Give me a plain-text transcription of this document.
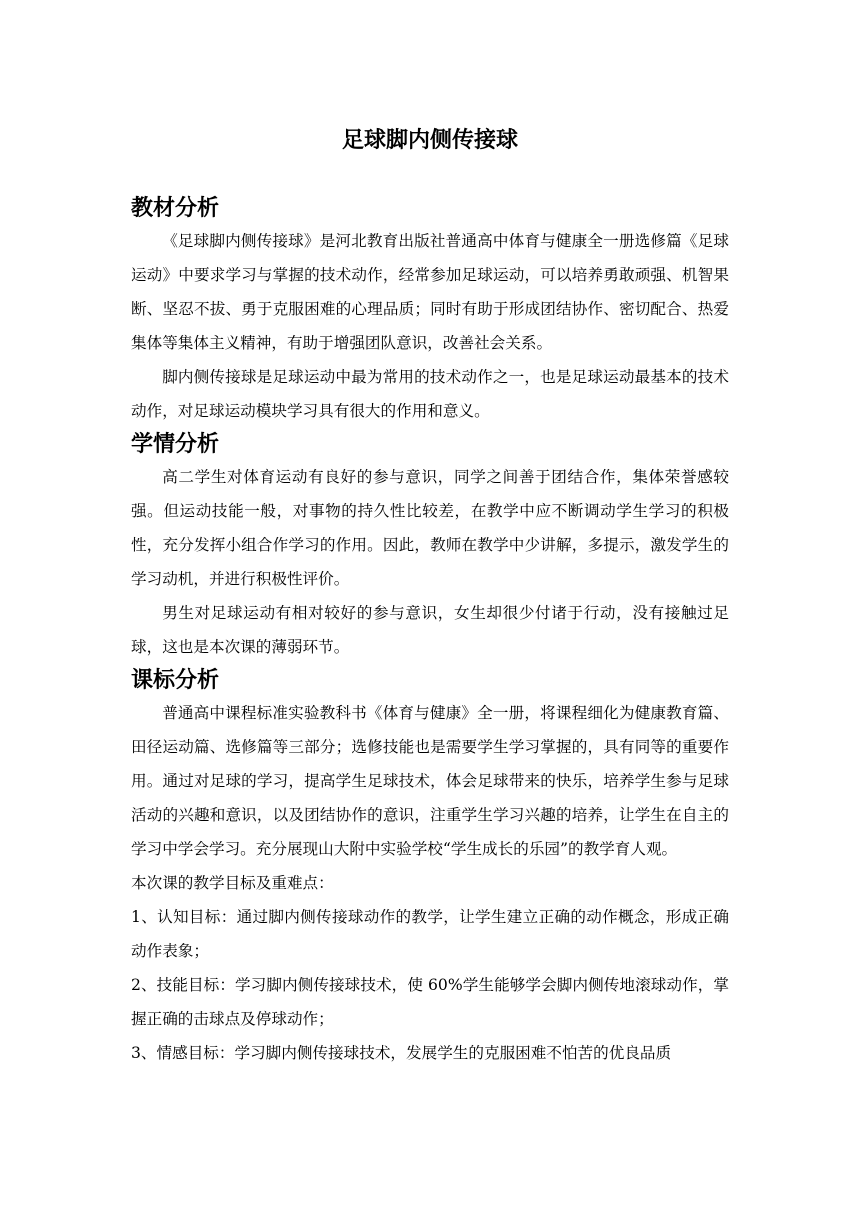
足球脚内侧传接球
教材分析

《足球脚内侧传接球》是河北教育出版社普通高中体育与健康全一册选修篇《足球运动》中要求学习与掌握的技术动作，经常参加足球运动，可以培养勇敢顽强、机智果断、坚忍不拔、勇于克服困难的心理品质；同时有助于形成团结协作、密切配合、热爱集体等集体主义精神，有助于增强团队意识，改善社会关系。

脚内侧传接球是足球运动中最为常用的技术动作之一，也是足球运动最基本的技术动作，对足球运动模块学习具有很大的作用和意义。

学情分析

高二学生对体育运动有良好的参与意识，同学之间善于团结合作，集体荣誉感较强。但运动技能一般，对事物的持久性比较差，在教学中应不断调动学生学习的积极性，充分发挥小组合作学习的作用。因此，教师在教学中少讲解，多提示，激发学生的学习动机，并进行积极性评价。

男生对足球运动有相对较好的参与意识，女生却很少付诸于行动，没有接触过足球，这也是本次课的薄弱环节。

课标分析

普通高中课程标准实验教科书《体育与健康》全一册，将课程细化为健康教育篇、田径运动篇、选修篇等三部分；选修技能也是需要学生学习掌握的，具有同等的重要作用。通过对足球的学习，提高学生足球技术，体会足球带来的快乐，培养学生参与足球活动的兴趣和意识，以及团结协作的意识，注重学生学习兴趣的培养，让学生在自主的学习中学会学习。充分展现山大附中实验学校“学生成长的乐园”的教学育人观。

本次课的教学目标及重难点：

1、认知目标：通过脚内侧传接球动作的教学，让学生建立正确的动作概念，形成正确动作表象；

2、技能目标：学习脚内侧传接球技术，使 60%学生能够学会脚内侧传地滚球动作，掌握正确的击球点及停球动作；

3、情感目标：学习脚内侧传接球技术，发展学生的克服困难不怕苦的优良品质
